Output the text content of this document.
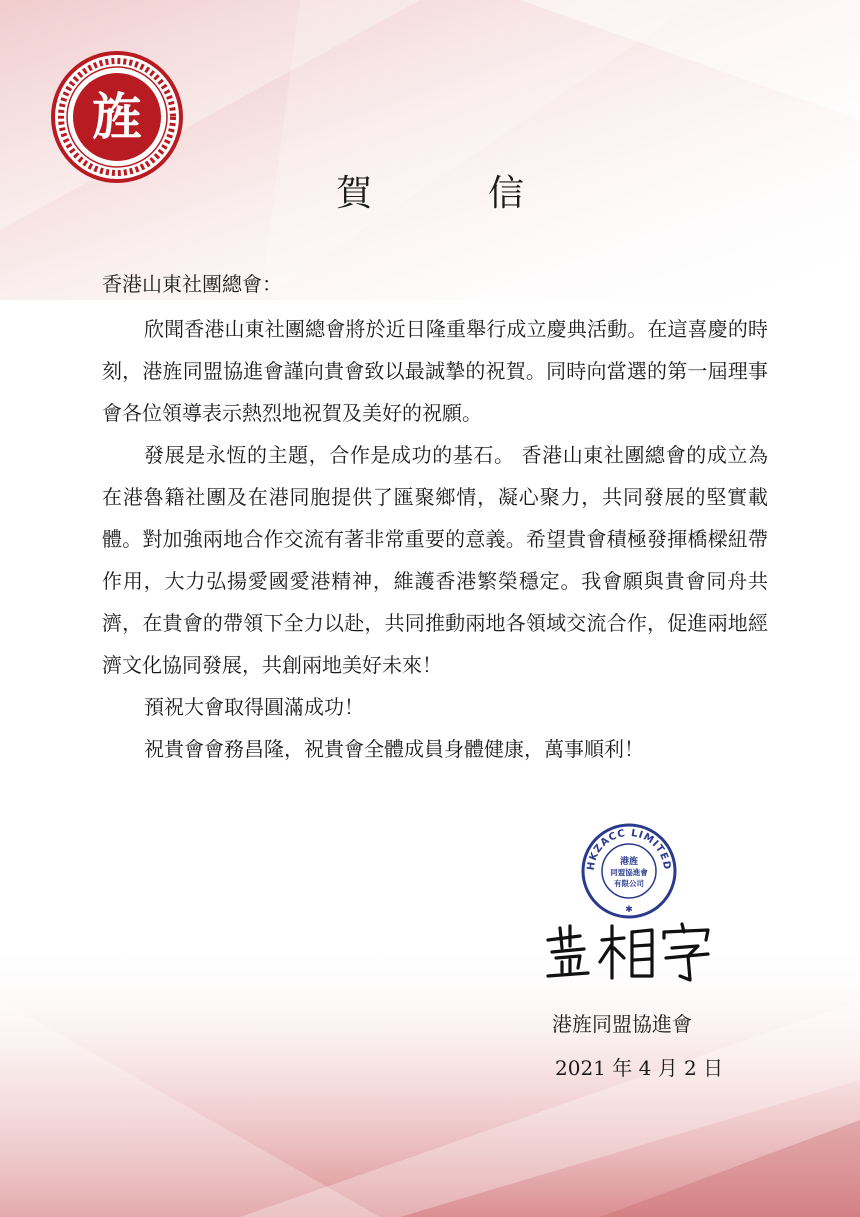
旌
賀　信
香港山東社團總會：

欣聞香港山東社團總會將於近日隆重舉行成立慶典活動。在這喜慶的時刻，港旌同盟協進會謹向貴會致以最誠摯的祝賀。同時向當選的第一屆理事會各位領導表示熱烈地祝賀及美好的祝願。

發展是永恆的主題，合作是成功的基石。 香港山東社團總會的成立為在港魯籍社團及在港同胞提供了匯聚鄉情，凝心聚力，共同發展的堅實載體。對加強兩地合作交流有著非常重要的意義。希望貴會積極發揮橋樑紐帶作用，大力弘揚愛國愛港精神，維護香港繁榮穩定。我會願與貴會同舟共濟，在貴會的帶領下全力以赴，共同推動兩地各領域交流合作，促進兩地經濟文化協同發展，共創兩地美好未來！

預祝大會取得圓滿成功！

祝貴會會務昌隆，祝貴會全體成員身體健康，萬事順利！

HKZACC LIMITED
港旌
同盟協進會
有限公司
✱
港旌同盟協進會
2021 年 4 月 2 日
